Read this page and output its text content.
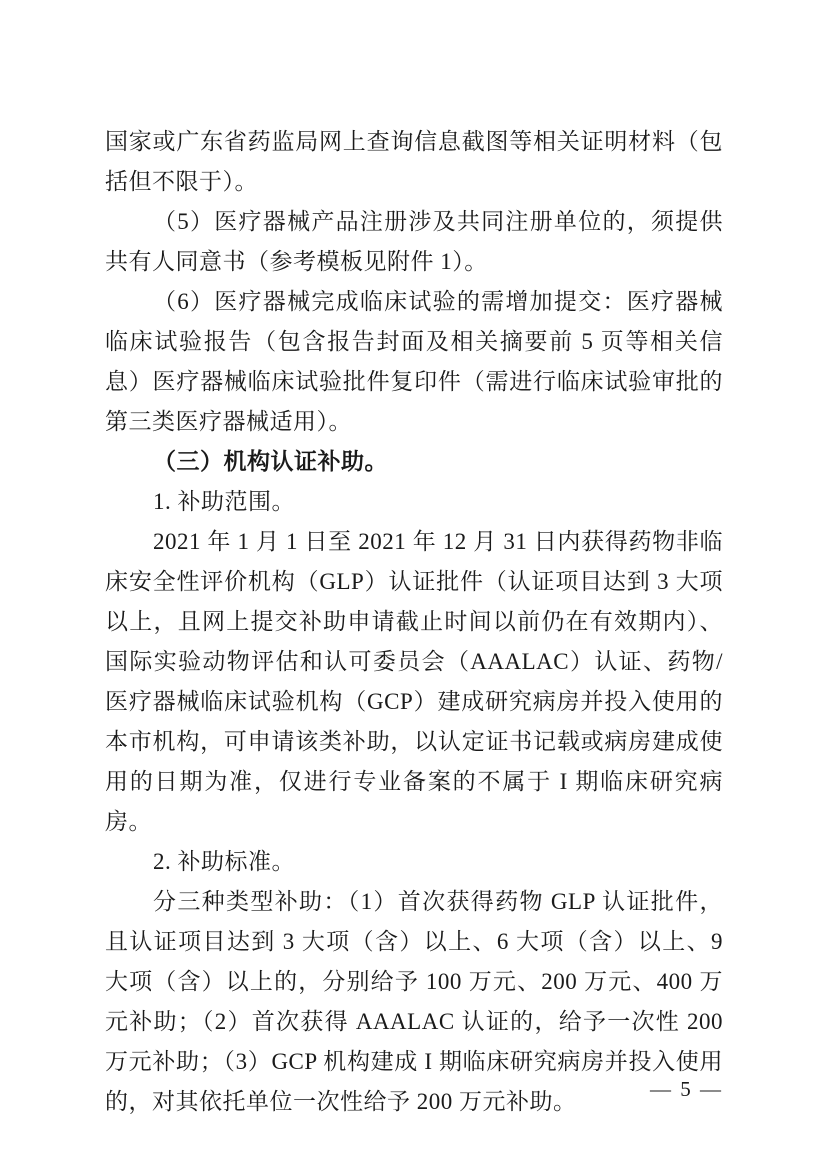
国家或广东省药监局网上查询信息截图等相关证明材料（包括但不限于）。

（5）医疗器械产品注册涉及共同注册单位的，须提供共有人同意书（参考模板见附件 1）。

（6）医疗器械完成临床试验的需增加提交：医疗器械临床试验报告（包含报告封面及相关摘要前 5 页等相关信息）医疗器械临床试验批件复印件（需进行临床试验审批的第三类医疗器械适用）。

（三）机构认证补助。

1. 补助范围。

2021 年 1 月 1 日至 2021 年 12 月 31 日内获得药物非临床安全性评价机构（GLP）认证批件（认证项目达到 3 大项以上，且网上提交补助申请截止时间以前仍在有效期内）、国际实验动物评估和认可委员会（AAALAC）认证、药物/医疗器械临床试验机构（GCP）建成研究病房并投入使用的本市机构，可申请该类补助，以认定证书记载或病房建成使用的日期为准，仅进行专业备案的不属于 I 期临床研究病房。

2. 补助标准。

分三种类型补助：（1）首次获得药物 GLP 认证批件，且认证项目达到 3 大项（含）以上、6 大项（含）以上、9 大项（含）以上的，分别给予 100 万元、200 万元、400 万元补助；（2）首次获得 AAALAC 认证的，给予一次性 200 万元补助；（3）GCP 机构建成 I 期临床研究病房并投入使用的，对其依托单位一次性给予 200 万元补助。	— 5 —
